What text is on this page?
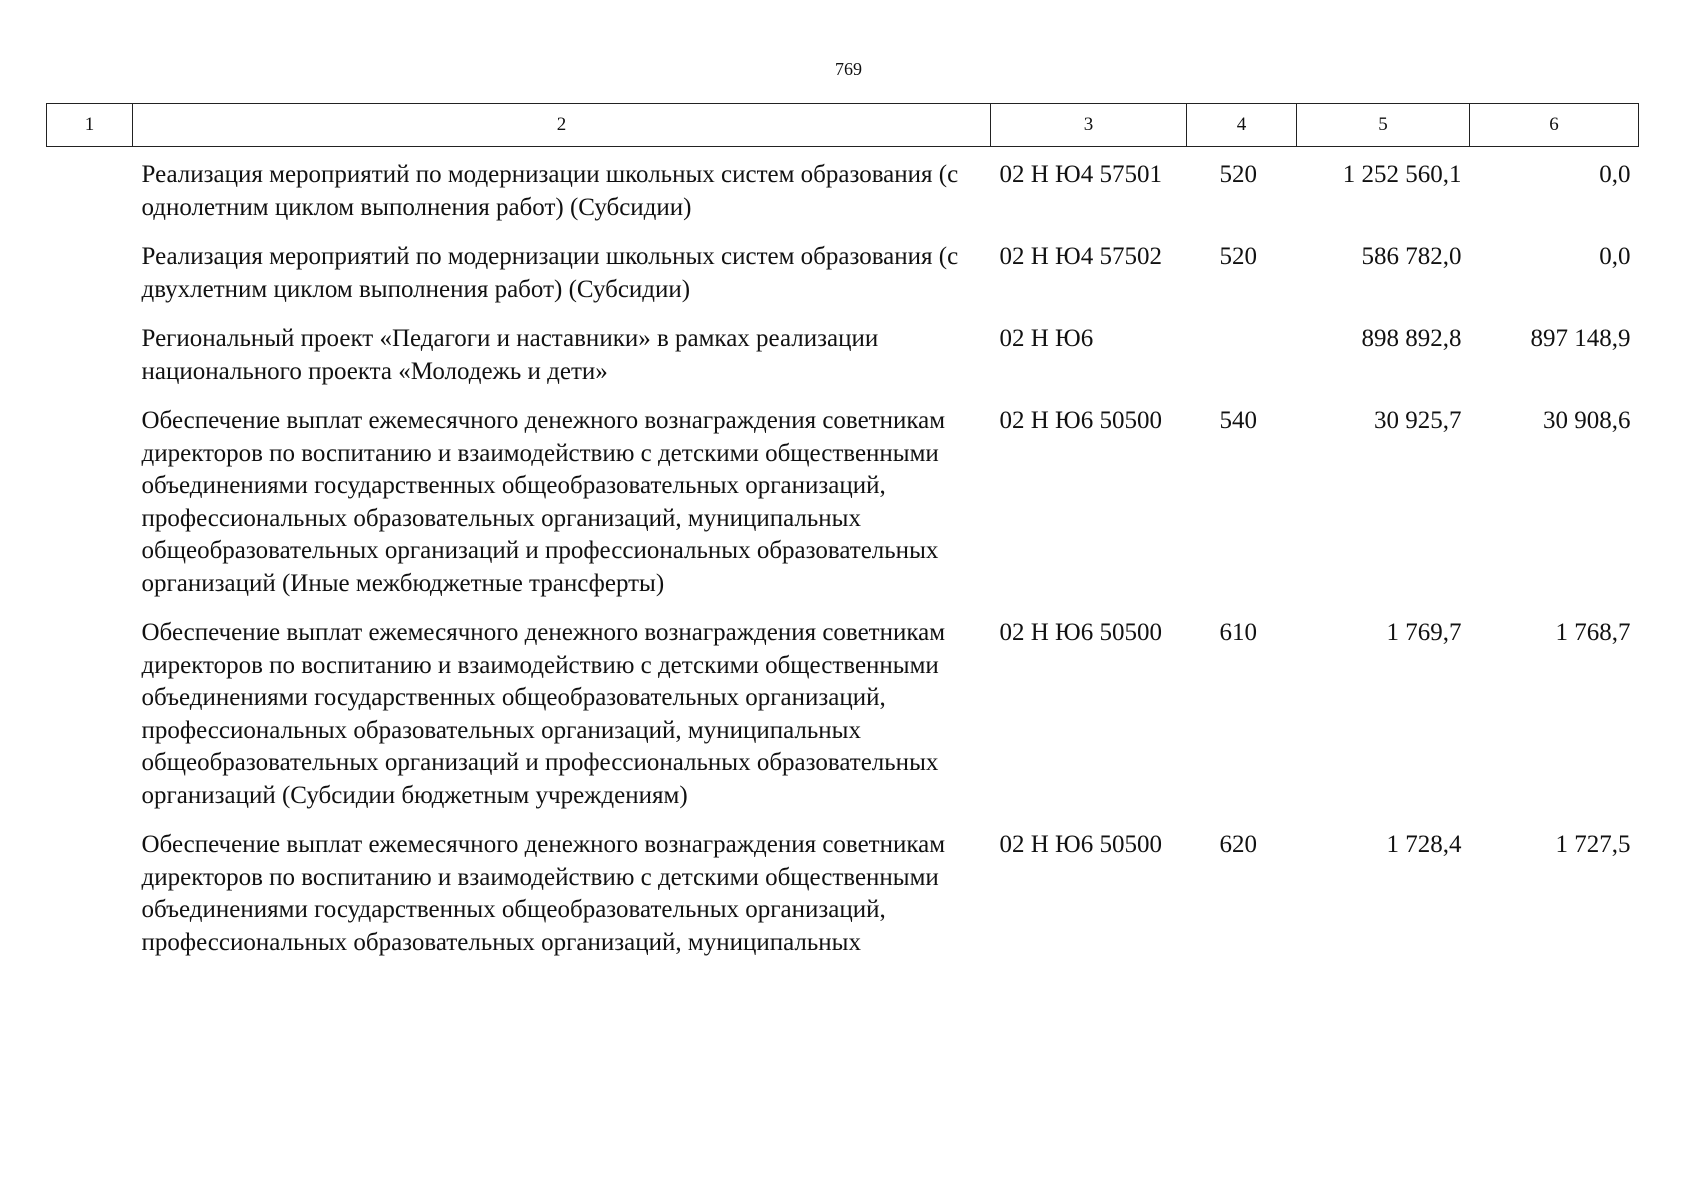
769
1	2	3	4	5	6
	Реализация мероприятий по модернизации школьных систем образования (с однолетним циклом выполнения работ) (Субсидии)	02 Н Ю4 57501	520	1 252 560,1	0,0
	Реализация мероприятий по модернизации школьных систем образования (с двухлетним циклом выполнения работ) (Субсидии)	02 Н Ю4 57502	520	586 782,0	0,0
	Региональный проект «Педагоги и наставники» в рамках реализации национального проекта «Молодежь и дети»	02 Н Ю6		898 892,8	897 148,9
	Обеспечение выплат ежемесячного денежного вознаграждения советникам директоров по воспитанию и взаимодействию с детскими общественными объединениями государственных общеобразовательных организаций, профессиональных образовательных организаций, муниципальных общеобразовательных организаций и профессиональных образовательных организаций (Иные межбюджетные трансферты)	02 Н Ю6 50500	540	30 925,7	30 908,6
	Обеспечение выплат ежемесячного денежного вознаграждения советникам директоров по воспитанию и взаимодействию с детскими общественными объединениями государственных общеобразовательных организаций, профессиональных образовательных организаций, муниципальных общеобразовательных организаций и профессиональных образовательных организаций (Субсидии бюджетным учреждениям)	02 Н Ю6 50500	610	1 769,7	1 768,7
	Обеспечение выплат ежемесячного денежного вознаграждения советникам директоров по воспитанию и взаимодействию с детскими общественными объединениями государственных общеобразовательных организаций, профессиональных образовательных организаций, муниципальных	02 Н Ю6 50500	620	1 728,4	1 727,5
